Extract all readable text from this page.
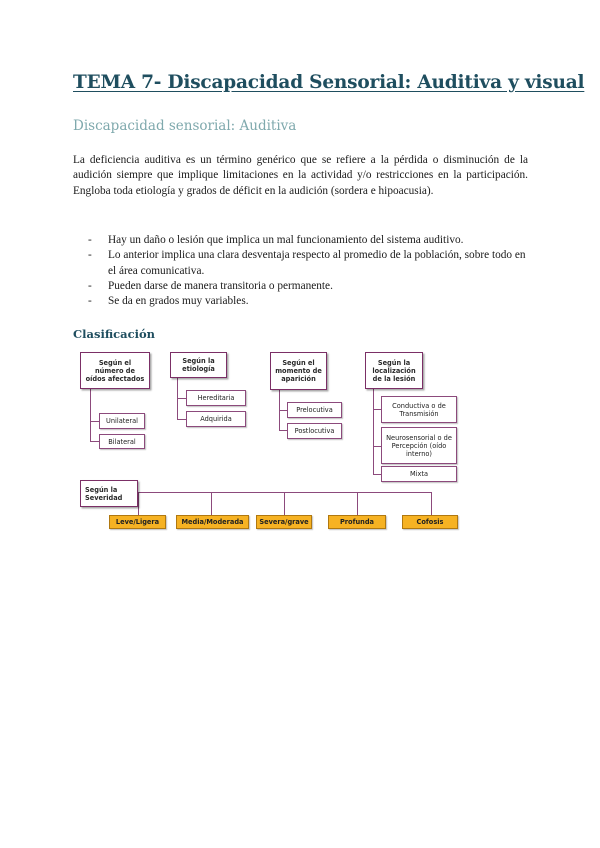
TEMA 7- Discapacidad Sensorial: Auditiva y visual
Discapacidad sensorial: Auditiva
La deficiencia auditiva es un término genérico que se refiere a la pérdida o disminución de la audición siempre que implique limitaciones en la actividad y/o restricciones en la participación. Engloba toda etiología y grados de déficit en la audición (sordera e hipoacusia).
- Hay un daño o lesión que implica un mal funcionamiento del sistema auditivo.
- Lo anterior implica una clara desventaja respecto al promedio de la población, sobre todo en el área comunicativa.
- Pueden darse de manera transitoria o permanente.
- Se da en grados muy variables.
Clasificación
Según el número de oídos afectados
Unilateral
Bilateral
Según la etiología
Hereditaria
Adquirida
Según el momento de aparición
Prelocutiva
Postlocutiva
Según la localización de la lesión
Conductiva o de Transmisión
Neurosensorial o de Percepción (oído interno)
Mixta
Según la Severidad
Leve/Ligera	Media/Moderada	Severa/grave	Profunda	Cofosis
